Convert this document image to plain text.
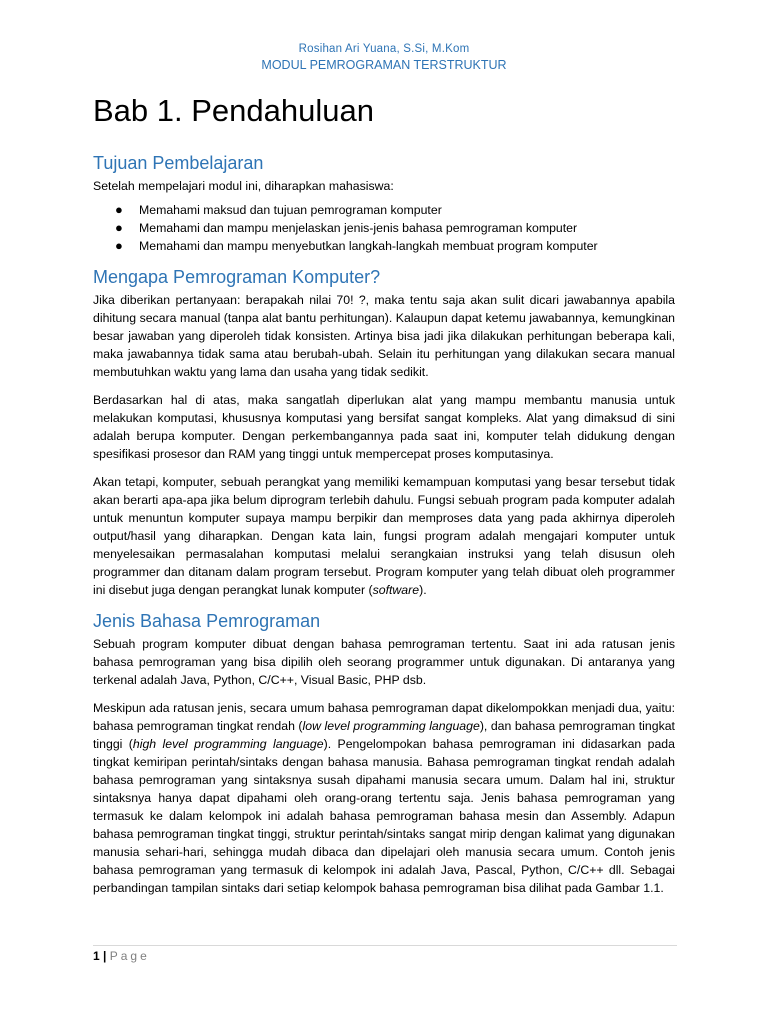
Rosihan Ari Yuana, S.Si, M.Kom
MODUL PEMROGRAMAN TERSTRUKTUR
Bab 1. Pendahuluan
Tujuan Pembelajaran

Setelah mempelajari modul ini, diharapkan mahasiswa:

● Memahami maksud dan tujuan pemrograman komputer
● Memahami dan mampu menjelaskan jenis-jenis bahasa pemrograman komputer
● Memahami dan mampu menyebutkan langkah-langkah membuat program komputer
Mengapa Pemrograman Komputer?

Jika diberikan pertanyaan: berapakah nilai 70! ?, maka tentu saja akan sulit dicari jawabannya apabila dihitung secara manual (tanpa alat bantu perhitungan). Kalaupun dapat ketemu jawabannya, kemungkinan besar jawaban yang diperoleh tidak konsisten. Artinya bisa jadi jika dilakukan perhitungan beberapa kali, maka jawabannya tidak sama atau berubah-ubah. Selain itu perhitungan yang dilakukan secara manual membutuhkan waktu yang lama dan usaha yang tidak sedikit.

Berdasarkan hal di atas, maka sangatlah diperlukan alat yang mampu membantu manusia untuk melakukan komputasi, khususnya komputasi yang bersifat sangat kompleks. Alat yang dimaksud di sini adalah berupa komputer. Dengan perkembangannya pada saat ini, komputer telah didukung dengan spesifikasi prosesor dan RAM yang tinggi untuk mempercepat proses komputasinya.

Akan tetapi, komputer, sebuah perangkat yang memiliki kemampuan komputasi yang besar tersebut tidak akan berarti apa-apa jika belum diprogram terlebih dahulu. Fungsi sebuah program pada komputer adalah untuk menuntun komputer supaya mampu berpikir dan memproses data yang pada akhirnya diperoleh output/hasil yang diharapkan. Dengan kata lain, fungsi program adalah mengajari komputer untuk menyelesaikan permasalahan komputasi melalui serangkaian instruksi yang telah disusun oleh programmer dan ditanam dalam program tersebut. Program komputer yang telah dibuat oleh programmer ini disebut juga dengan perangkat lunak komputer (software).

Jenis Bahasa Pemrograman

Sebuah program komputer dibuat dengan bahasa pemrograman tertentu. Saat ini ada ratusan jenis bahasa pemrograman yang bisa dipilih oleh seorang programmer untuk digunakan. Di antaranya yang terkenal adalah Java, Python, C/C++, Visual Basic, PHP dsb.

Meskipun ada ratusan jenis, secara umum bahasa pemrograman dapat dikelompokkan menjadi dua, yaitu: bahasa pemrograman tingkat rendah (low level programming language), dan bahasa pemrograman tingkat tinggi (high level programming language). Pengelompokan bahasa pemrograman ini didasarkan pada tingkat kemiripan perintah/sintaks dengan bahasa manusia. Bahasa pemrograman tingkat rendah adalah bahasa pemrograman yang sintaksnya susah dipahami manusia secara umum. Dalam hal ini, struktur sintaksnya hanya dapat dipahami oleh orang-orang tertentu saja. Jenis bahasa pemrograman yang termasuk ke dalam kelompok ini adalah bahasa pemrograman bahasa mesin dan Assembly. Adapun bahasa pemrograman tingkat tinggi, struktur perintah/sintaks sangat mirip dengan kalimat yang digunakan manusia sehari-hari, sehingga mudah dibaca dan dipelajari oleh manusia secara umum. Contoh jenis bahasa pemrograman yang termasuk di kelompok ini adalah Java, Pascal, Python, C/C++ dll. Sebagai perbandingan tampilan sintaks dari setiap kelompok bahasa pemrograman bisa dilihat pada Gambar 1.1.

1 | Page
